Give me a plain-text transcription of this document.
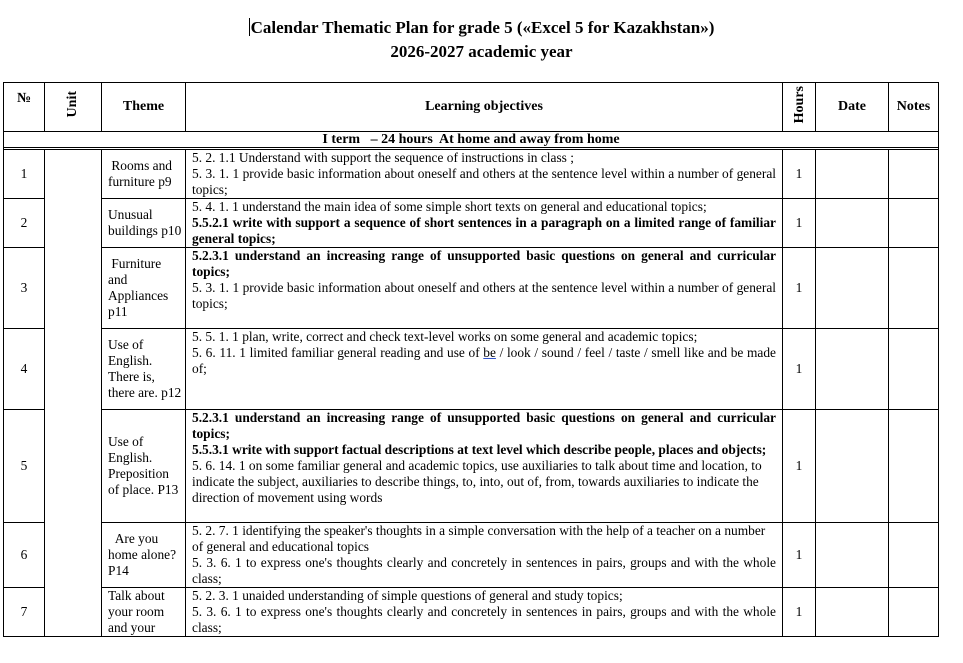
Calendar Thematic Plan for grade 5 («Excel 5 for Kazakhstan»)
2026-2027 academic year
№	Unit	Theme	Learning objectives	Hours	Date	Notes
I term   – 24 hours  At home and away from home						

1		Rooms and furniture p9	5. 2. 1.1 Understand with support the sequence of instructions in class ;
5. 3. 1. 1 provide basic information about oneself and others at the sentence level within a number of general topics;	1		
2		Unusual buildings p10	5. 4. 1. 1 understand the main idea of some simple short texts on general and educational topics;
5.5.2.1 write with support a sequence of short sentences in a paragraph on a limited range of familiar general topics;	1		
3		Furniture and Appliances p11	5.2.3.1 understand an increasing range of unsupported basic questions on general and curricular topics;
5. 3. 1. 1 provide basic information about oneself and others at the sentence level within a number of general topics;	1		
4		Use of English. There is, there are. p12	5. 5. 1. 1 plan, write, correct and check text-level works on some general and academic topics;
5. 6. 11. 1 limited familiar general reading and use of be / look / sound / feel / taste / smell like and be made of;	1		
5		Use of English. Preposition of place. P13	5.2.3.1 understand an increasing range of unsupported basic questions on general and curricular topics;
5.5.3.1 write with support factual descriptions at text level which describe people, places and objects;
5. 6. 14. 1 on some familiar general and academic topics, use auxiliaries to talk about time and location, to indicate the subject, auxiliaries to describe things, to, into, out of, from, towards auxiliaries to indicate the direction of movement using words	1		
6		Are you home alone? P14	5. 2. 7. 1 identifying the speaker's thoughts in a simple conversation with the help of a teacher on a number of general and educational topics
5. 3. 6. 1 to express one's thoughts clearly and concretely in sentences in pairs, groups and with the whole class;	1		
7		Talk about your room and your	5. 2. 3. 1 unaided understanding of simple questions of general and study topics;
5. 3. 6. 1 to express one's thoughts clearly and concretely in sentences in pairs, groups and with the whole class;	1		
